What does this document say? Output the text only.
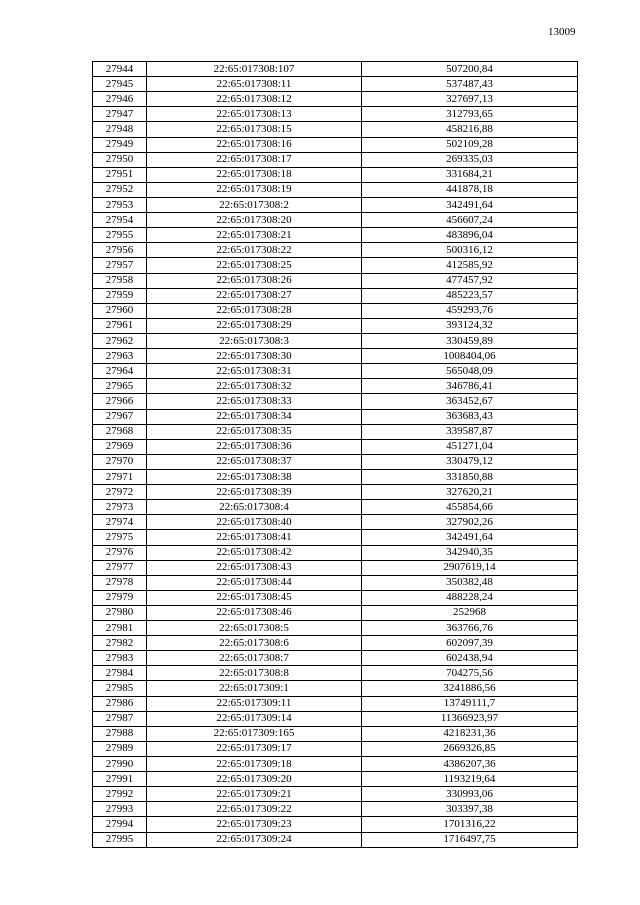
13009
27944	22:65:017308:107	507200,84
27945	22:65:017308:11	537487,43
27946	22:65:017308:12	327697,13
27947	22:65:017308:13	312793,65
27948	22:65:017308:15	458216,88
27949	22:65:017308:16	502109,28
27950	22:65:017308:17	269335,03
27951	22:65:017308:18	331684,21
27952	22:65:017308:19	441878,18
27953	22:65:017308:2	342491,64
27954	22:65:017308:20	456607,24
27955	22:65:017308:21	483896,04
27956	22:65:017308:22	500316,12
27957	22:65:017308:25	412585,92
27958	22:65:017308:26	477457,92
27959	22:65:017308:27	485223,57
27960	22:65:017308:28	459293,76
27961	22:65:017308:29	393124,32
27962	22:65:017308:3	330459,89
27963	22:65:017308:30	1008404,06
27964	22:65:017308:31	565048,09
27965	22:65:017308:32	346786,41
27966	22:65:017308:33	363452,67
27967	22:65:017308:34	363683,43
27968	22:65:017308:35	339587,87
27969	22:65:017308:36	451271,04
27970	22:65:017308:37	330479,12
27971	22:65:017308:38	331850,88
27972	22:65:017308:39	327620,21
27973	22:65:017308:4	455854,66
27974	22:65:017308:40	327902,26
27975	22:65:017308:41	342491,64
27976	22:65:017308:42	342940,35
27977	22:65:017308:43	2907619,14
27978	22:65:017308:44	350382,48
27979	22:65:017308:45	488228,24
27980	22:65:017308:46	252968
27981	22:65:017308:5	363766,76
27982	22:65:017308:6	602097,39
27983	22:65:017308:7	602438,94
27984	22:65:017308:8	704275,56
27985	22:65:017309:1	3241886,56
27986	22:65:017309:11	13749111,7
27987	22:65:017309:14	11366923,97
27988	22:65:017309:165	4218231,36
27989	22:65:017309:17	2669326,85
27990	22:65:017309:18	4386207,36
27991	22:65:017309:20	1193219,64
27992	22:65:017309:21	330993,06
27993	22:65:017309:22	303397,38
27994	22:65:017309:23	1701316,22
27995	22:65:017309:24	1716497,75
